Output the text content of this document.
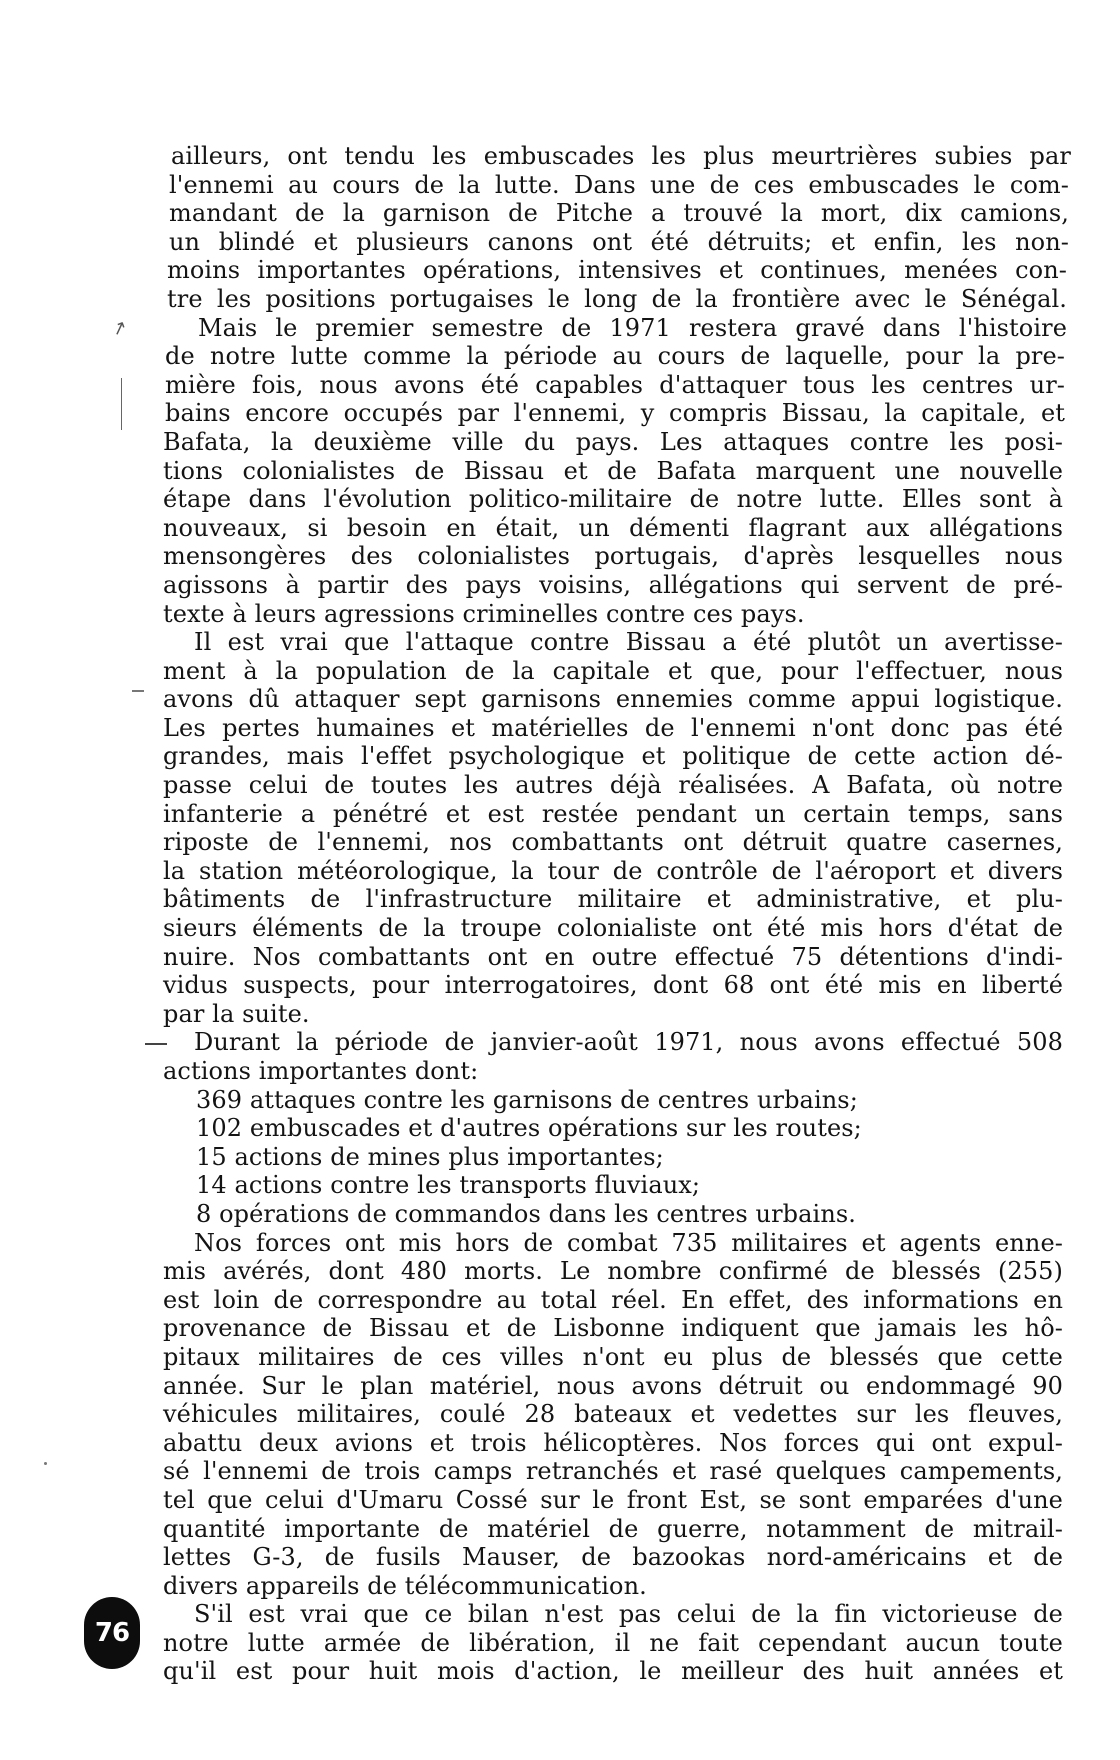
ailleurs, ont tendu les embuscades les plus meurtrières subies par
l'ennemi au cours de la lutte. Dans une de ces embuscades le com-
mandant de la garnison de Pitche a trouvé la mort, dix camions,
un blindé et plusieurs canons ont été détruits; et enfin, les non-
moins importantes opérations, intensives et continues, menées con-
tre les positions portugaises le long de la frontière avec le Sénégal.
Mais le premier semestre de 1971 restera gravé dans l'histoire
de notre lutte comme la période au cours de laquelle, pour la pre-
mière fois, nous avons été capables d'attaquer tous les centres ur-
bains encore occupés par l'ennemi, y compris Bissau, la capitale, et
Bafata, la deuxième ville du pays. Les attaques contre les posi-
tions colonialistes de Bissau et de Bafata marquent une nouvelle
étape dans l'évolution politico-militaire de notre lutte. Elles sont à
nouveaux, si besoin en était, un démenti flagrant aux allégations
mensongères des colonialistes portugais, d'après lesquelles nous
agissons à partir des pays voisins, allégations qui servent de pré-
texte à leurs agressions criminelles contre ces pays.
Il est vrai que l'attaque contre Bissau a été plutôt un avertisse-
ment à la population de la capitale et que, pour l'effectuer, nous
avons dû attaquer sept garnisons ennemies comme appui logistique.
Les pertes humaines et matérielles de l'ennemi n'ont donc pas été
grandes, mais l'effet psychologique et politique de cette action dé-
passe celui de toutes les autres déjà réalisées. A Bafata, où notre
infanterie a pénétré et est restée pendant un certain temps, sans
riposte de l'ennemi, nos combattants ont détruit quatre casernes,
la station météorologique, la tour de contrôle de l'aéroport et divers
bâtiments de l'infrastructure militaire et administrative, et plu-
sieurs éléments de la troupe colonialiste ont été mis hors d'état de
nuire. Nos combattants ont en outre effectué 75 détentions d'indi-
vidus suspects, pour interrogatoires, dont 68 ont été mis en liberté
par la suite.
Durant la période de janvier-août 1971, nous avons effectué 508
actions importantes dont:
369 attaques contre les garnisons de centres urbains;
102 embuscades et d'autres opérations sur les routes;
15 actions de mines plus importantes;
14 actions contre les transports fluviaux;
8 opérations de commandos dans les centres urbains.
Nos forces ont mis hors de combat 735 militaires et agents enne-
mis avérés, dont 480 morts. Le nombre confirmé de blessés (255)
est loin de correspondre au total réel. En effet, des informations en
provenance de Bissau et de Lisbonne indiquent que jamais les hô-
pitaux militaires de ces villes n'ont eu plus de blessés que cette
année. Sur le plan matériel, nous avons détruit ou endommagé 90
véhicules militaires, coulé 28 bateaux et vedettes sur les fleuves,
abattu deux avions et trois hélicoptères. Nos forces qui ont expul-
sé l'ennemi de trois camps retranchés et rasé quelques campements,
tel que celui d'Umaru Cossé sur le front Est, se sont emparées d'une
quantité importante de matériel de guerre, notamment de mitrail-
lettes G-3, de fusils Mauser, de bazookas nord-américains et de
divers appareils de télécommunication.
S'il est vrai que ce bilan n'est pas celui de la fin victorieuse de
notre lutte armée de libération, il ne fait cependant aucun toute
qu'il est pour huit mois d'action, le meilleur des huit années et
↗
76
